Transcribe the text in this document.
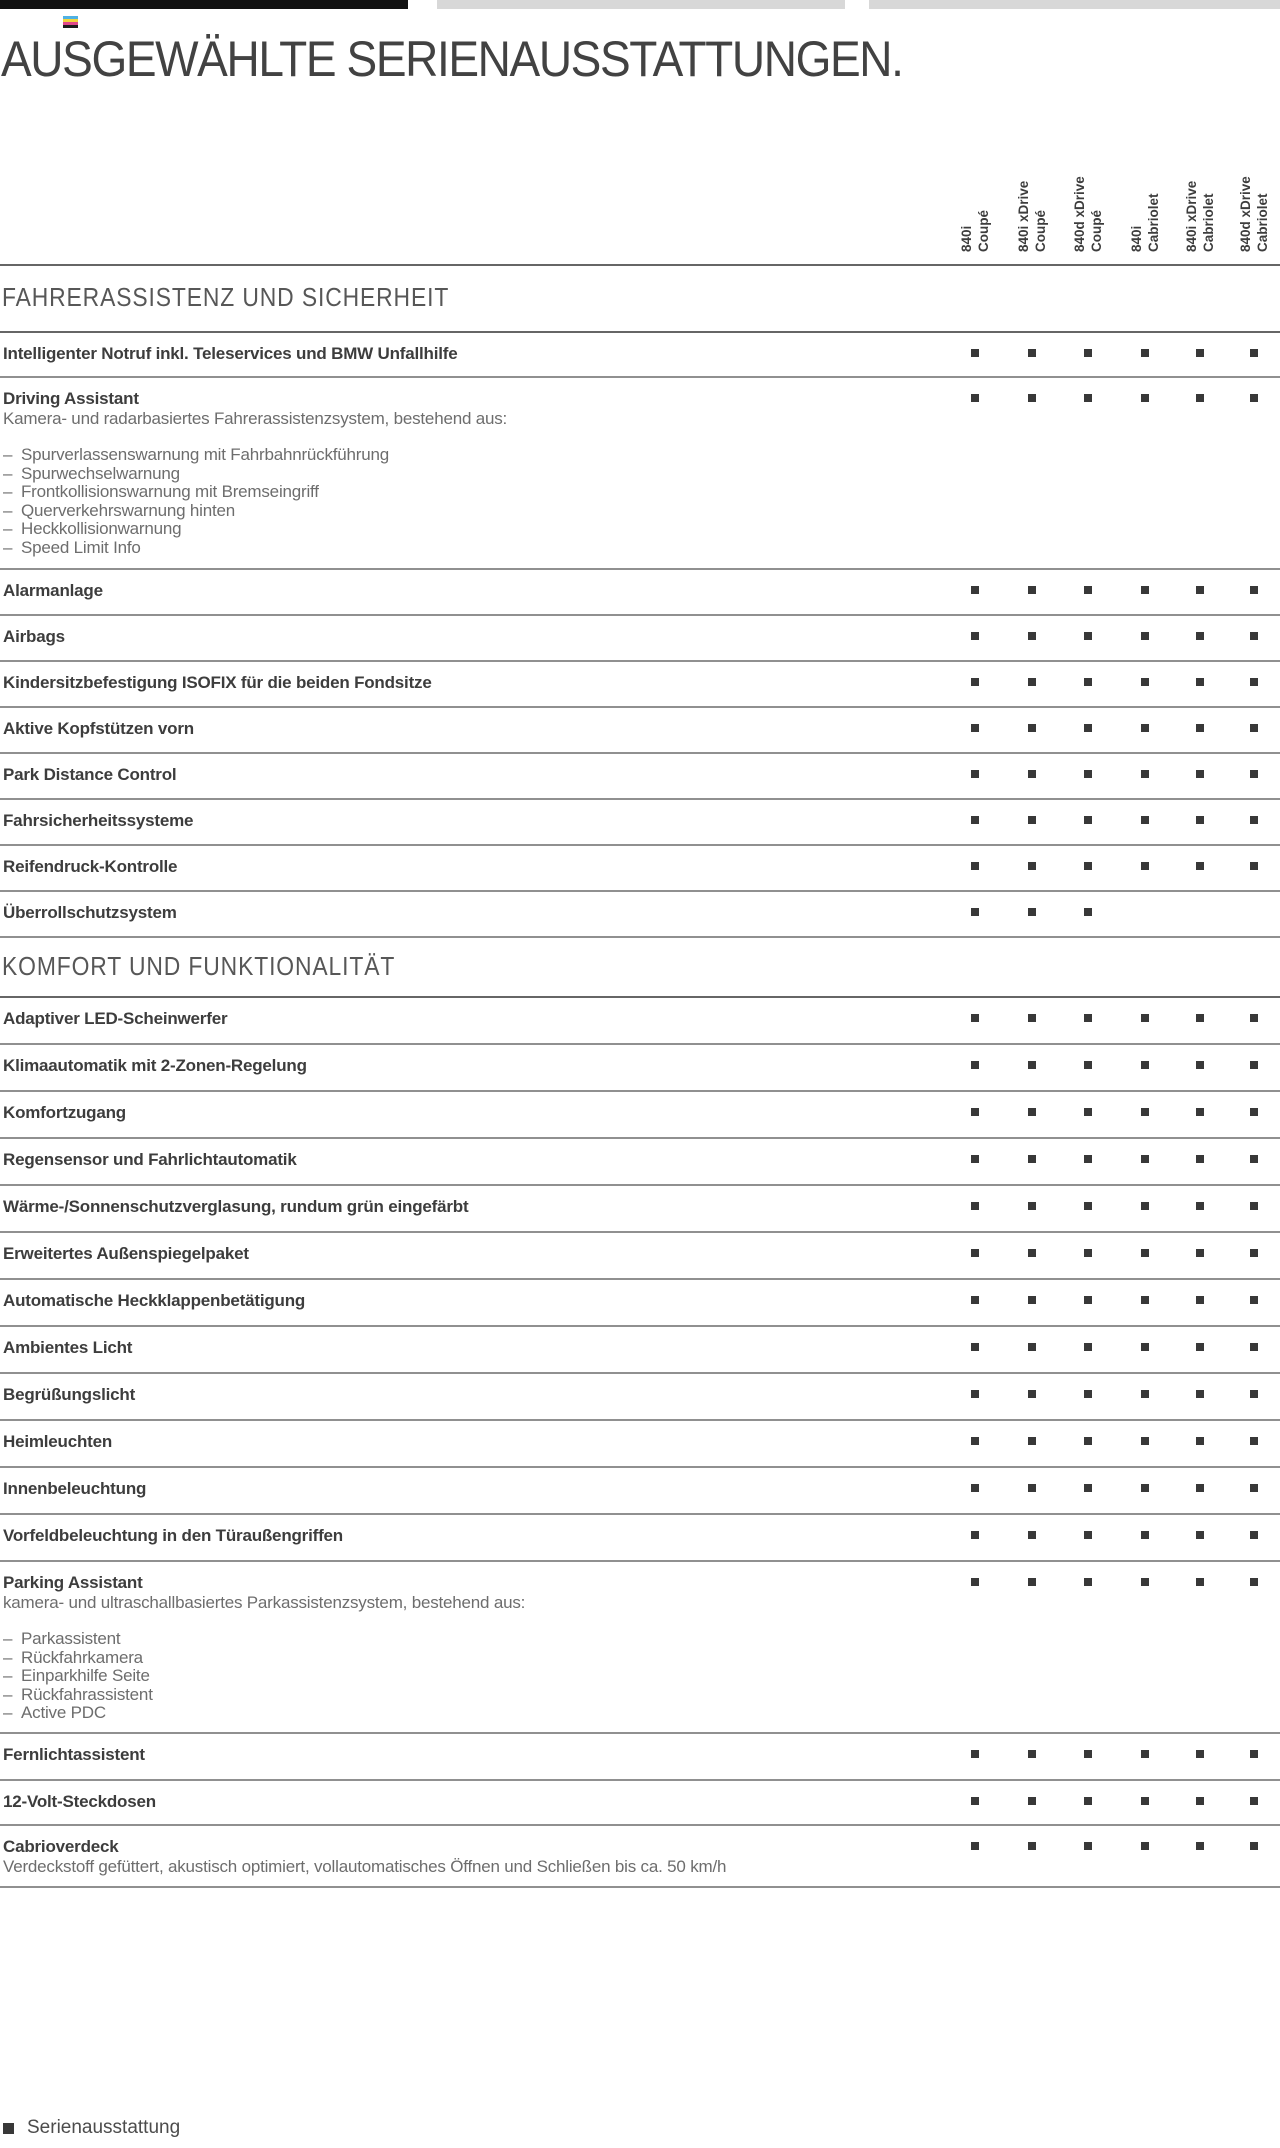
AUSGEWÄHLTE SERIENAUSSTATTUNGEN.
840i Coupé 840i xDrive Coupé 840d xDrive Coupé 840i Cabriolet 840i xDrive Cabriolet 840d xDrive Cabriolet
FAHRERASSISTENZ UND SICHERHEIT
Intelligenter Notruf inkl. Teleservices und BMW Unfallhilfe
Driving Assistant
Kamera- und radarbasiertes Fahrerassistenzsystem, bestehend aus:
– Spurverlassenswarnung mit Fahrbahnrückführung
– Spurwechselwarnung
– Frontkollisionswarnung mit Bremseingriff
– Querverkehrswarnung hinten
– Heckkollisionwarnung
– Speed Limit Info
Alarmanlage
Airbags
Kindersitzbefestigung ISOFIX für die beiden Fondsitze
Aktive Kopfstützen vorn
Park Distance Control
Fahrsicherheitssysteme
Reifendruck-Kontrolle
Überrollschutzsystem
KOMFORT UND FUNKTIONALITÄT
Adaptiver LED-Scheinwerfer
Klimaautomatik mit 2-Zonen-Regelung
Komfortzugang
Regensensor und Fahrlichtautomatik
Wärme-/Sonnenschutzverglasung, rundum grün eingefärbt
Erweitertes Außenspiegelpaket
Automatische Heckklappenbetätigung
Ambientes Licht
Begrüßungslicht
Heimleuchten
Innenbeleuchtung
Vorfeldbeleuchtung in den Türaußengriffen
Parking Assistant
kamera- und ultraschallbasiertes Parkassistenzsystem, bestehend aus:
– Parkassistent
– Rückfahrkamera
– Einparkhilfe Seite
– Rückfahrassistent
– Active PDC
Fernlichtassistent
12-Volt-Steckdosen
Cabrioverdeck
Verdeckstoff gefüttert, akustisch optimiert, vollautomatisches Öffnen und Schließen bis ca. 50 km/h
Serienausstattung
